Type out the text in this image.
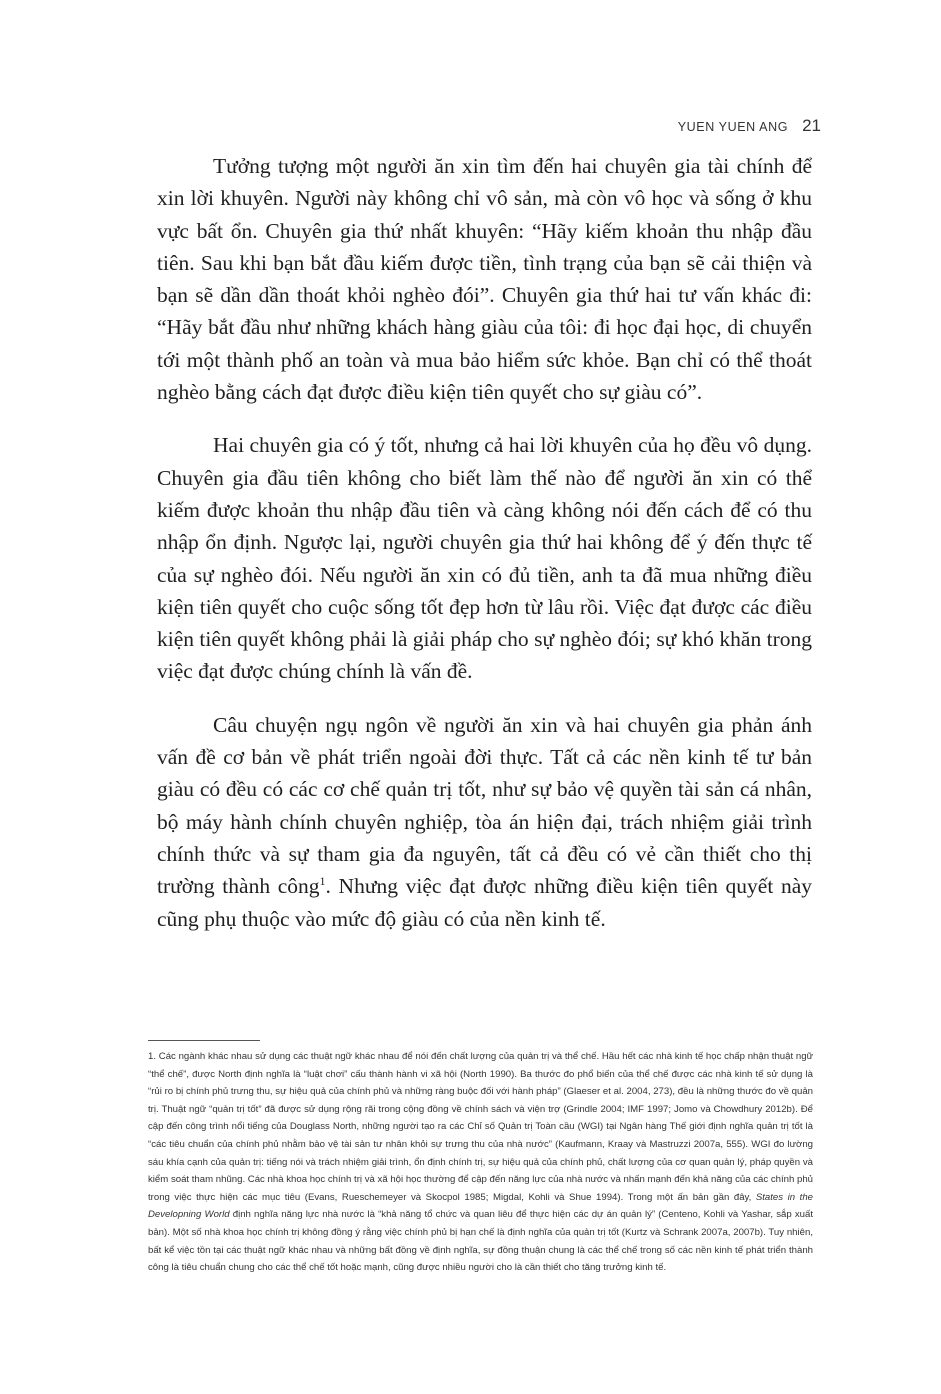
YUEN YUEN ANG 21

Tưởng tượng một người ăn xin tìm đến hai chuyên gia tài chính để xin lời khuyên. Người này không chỉ vô sản, mà còn vô học và sống ở khu vực bất ổn. Chuyên gia thứ nhất khuyên: “Hãy kiếm khoản thu nhập đầu tiên. Sau khi bạn bắt đầu kiếm được tiền, tình trạng của bạn sẽ cải thiện và bạn sẽ dần dần thoát khỏi nghèo đói”. Chuyên gia thứ hai tư vấn khác đi: “Hãy bắt đầu như những khách hàng giàu của tôi: đi học đại học, di chuyển tới một thành phố an toàn và mua bảo hiểm sức khỏe. Bạn chỉ có thể thoát nghèo bằng cách đạt được điều kiện tiên quyết cho sự giàu có”.

Hai chuyên gia có ý tốt, nhưng cả hai lời khuyên của họ đều vô dụng. Chuyên gia đầu tiên không cho biết làm thế nào để người ăn xin có thể kiếm được khoản thu nhập đầu tiên và càng không nói đến cách để có thu nhập ổn định. Ngược lại, người chuyên gia thứ hai không để ý đến thực tế của sự nghèo đói. Nếu người ăn xin có đủ tiền, anh ta đã mua những điều kiện tiên quyết cho cuộc sống tốt đẹp hơn từ lâu rồi. Việc đạt được các điều kiện tiên quyết không phải là giải pháp cho sự nghèo đói; sự khó khăn trong việc đạt được chúng chính là vấn đề.

Câu chuyện ngụ ngôn về người ăn xin và hai chuyên gia phản ánh vấn đề cơ bản về phát triển ngoài đời thực. Tất cả các nền kinh tế tư bản giàu có đều có các cơ chế quản trị tốt, như sự bảo vệ quyền tài sản cá nhân, bộ máy hành chính chuyên nghiệp, tòa án hiện đại, trách nhiệm giải trình chính thức và sự tham gia đa nguyên, tất cả đều có vẻ cần thiết cho thị trường thành công$^1$. Nhưng việc đạt được những điều kiện tiên quyết này cũng phụ thuộc vào mức độ giàu có của nền kinh tế.

1. Các ngành khác nhau sử dụng các thuật ngữ khác nhau để nói đến chất lượng của quản trị và thể chế. Hầu hết các nhà kinh tế học chấp nhận thuật ngữ “thể chế”, được North định nghĩa là “luật chơi” cấu thành hành vi xã hội (North 1990). Ba thước đo phổ biến của thể chế được các nhà kinh tế sử dụng là “rủi ro bị chính phủ trưng thu, sự hiệu quả của chính phủ và những ràng buộc đối với hành pháp” (Glaeser et al. 2004, 273), đều là những thước đo về quản trị. Thuật ngữ “quản trị tốt” đã được sử dụng rộng rãi trong cộng đồng về chính sách và viện trợ (Grindle 2004; IMF 1997; Jomo và Chowdhury 2012b). Để cập đến công trình nổi tiếng của Douglass North, những người tạo ra các Chỉ số Quản trị Toàn cầu (WGI) tại Ngân hàng Thế giới định nghĩa quản trị tốt là “các tiêu chuẩn của chính phủ nhằm bảo vệ tài sản tư nhân khỏi sự trưng thu của nhà nước” (Kaufmann, Kraay và Mastruzzi 2007a, 555). WGI đo lường sáu khía cạnh của quản trị: tiếng nói và trách nhiệm giải trình, ổn định chính trị, sự hiệu quả của chính phủ, chất lượng của cơ quan quản lý, pháp quyền và kiểm soát tham nhũng. Các nhà khoa học chính trị và xã hội học thường để cập đến năng lực của nhà nước và nhấn mạnh đến khả năng của các chính phủ trong việc thực hiện các mục tiêu (Evans, Rueschemeyer và Skocpol 1985; Migdal, Kohli và Shue 1994). Trong một ấn bản gần đây, States in the Developning World định nghĩa năng lực nhà nước là “khả năng tổ chức và quan liêu để thực hiện các dự án quản lý” (Centeno, Kohli và Yashar, sắp xuất bản). Một số nhà khoa học chính trị không đồng ý rằng việc chính phủ bị hạn chế là định nghĩa của quản trị tốt (Kurtz và Schrank 2007a, 2007b). Tuy nhiên, bất kể việc tồn tại các thuật ngữ khác nhau và những bất đồng về định nghĩa, sự đồng thuận chung là các thể chế trong số các nền kinh tế phát triển thành công là tiêu chuẩn chung cho các thể chế tốt hoặc mạnh, cũng được nhiều người cho là cần thiết cho tăng trưởng kinh tế.
